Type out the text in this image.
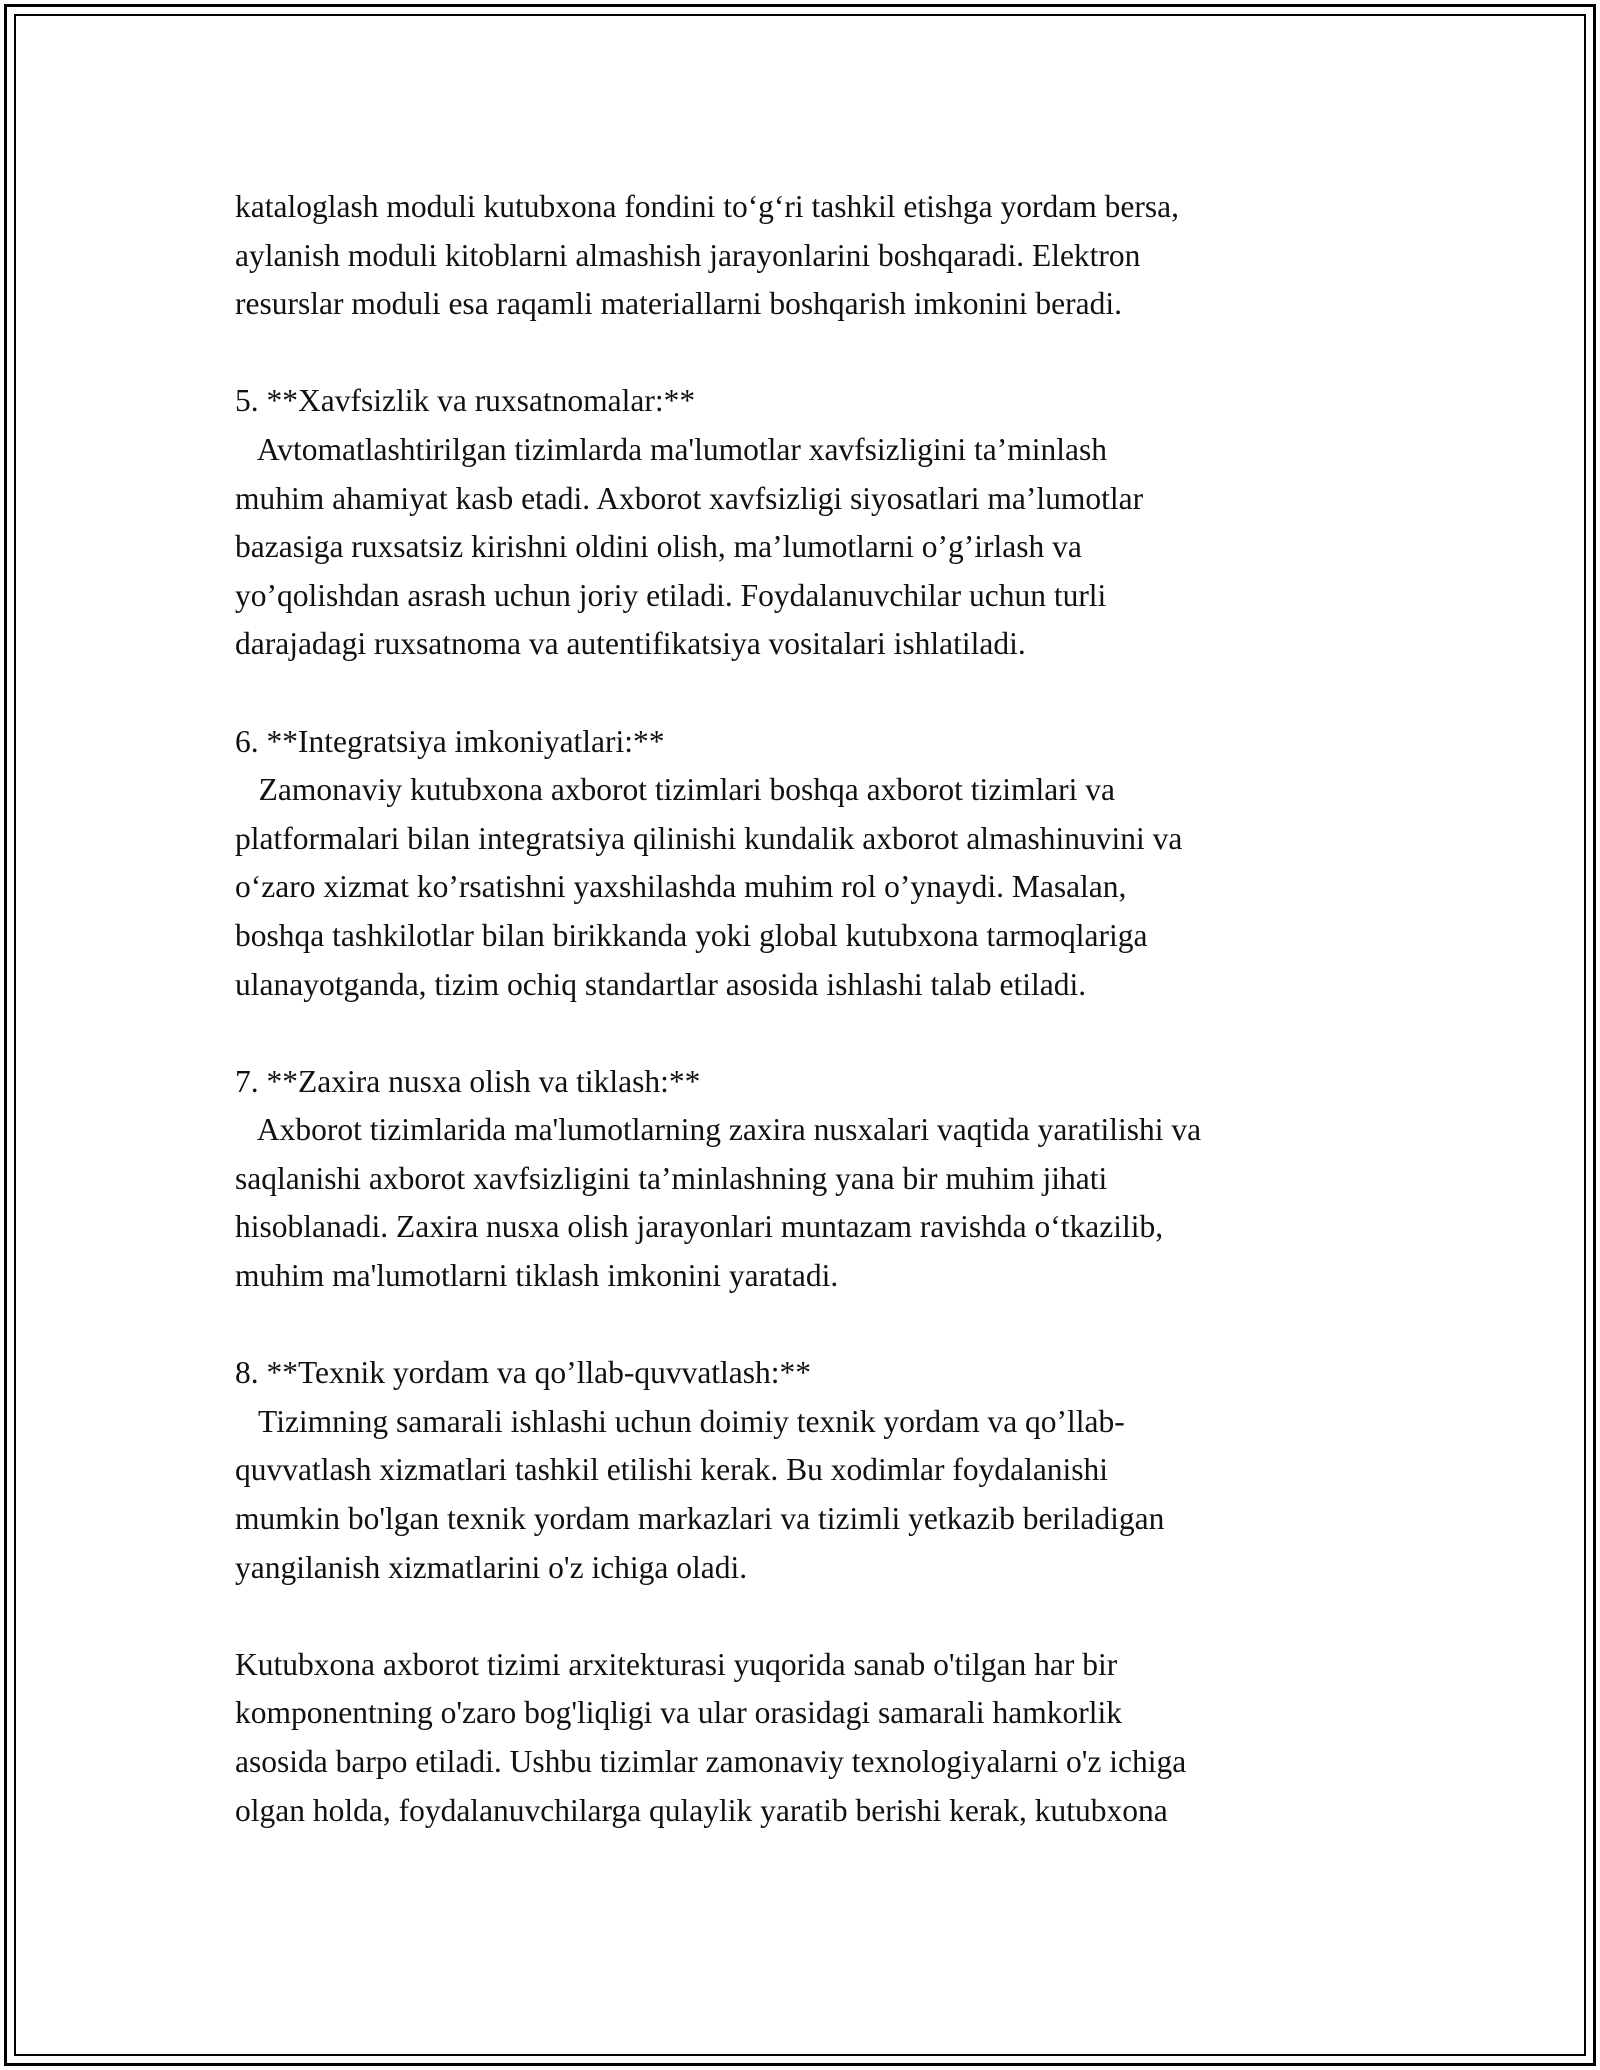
kataloglash moduli kutubxona fondini to‘g‘ri tashkil etishga yordam bersa,
aylanish moduli kitoblarni almashish jarayonlarini boshqaradi. Elektron
resurslar moduli esa raqamli materiallarni boshqarish imkonini beradi.
5. **Xavfsizlik va ruxsatnomalar:**
Avtomatlashtirilgan tizimlarda ma'lumotlar xavfsizligini ta’minlash
muhim ahamiyat kasb etadi. Axborot xavfsizligi siyosatlari ma’lumotlar
bazasiga ruxsatsiz kirishni oldini olish, ma’lumotlarni o’g’irlash va
yo’qolishdan asrash uchun joriy etiladi. Foydalanuvchilar uchun turli
darajadagi ruxsatnoma va autentifikatsiya vositalari ishlatiladi.
6. **Integratsiya imkoniyatlari:**
Zamonaviy kutubxona axborot tizimlari boshqa axborot tizimlari va
platformalari bilan integratsiya qilinishi kundalik axborot almashinuvini va
o‘zaro xizmat ko’rsatishni yaxshilashda muhim rol o’ynaydi. Masalan,
boshqa tashkilotlar bilan birikkanda yoki global kutubxona tarmoqlariga
ulanayotganda, tizim ochiq standartlar asosida ishlashi talab etiladi.
7. **Zaxira nusxa olish va tiklash:**
Axborot tizimlarida ma'lumotlarning zaxira nusxalari vaqtida yaratilishi va
saqlanishi axborot xavfsizligini ta’minlashning yana bir muhim jihati
hisoblanadi. Zaxira nusxa olish jarayonlari muntazam ravishda o‘tkazilib,
muhim ma'lumotlarni tiklash imkonini yaratadi.
8. **Texnik yordam va qo’llab-quvvatlash:**
Tizimning samarali ishlashi uchun doimiy texnik yordam va qo’llab-
quvvatlash xizmatlari tashkil etilishi kerak. Bu xodimlar foydalanishi
mumkin bo'lgan texnik yordam markazlari va tizimli yetkazib beriladigan
yangilanish xizmatlarini o'z ichiga oladi.
Kutubxona axborot tizimi arxitekturasi yuqorida sanab o'tilgan har bir
komponentning o'zaro bog'liqligi va ular orasidagi samarali hamkorlik
asosida barpo etiladi. Ushbu tizimlar zamonaviy texnologiyalarni o'z ichiga
olgan holda, foydalanuvchilarga qulaylik yaratib berishi kerak, kutubxona
